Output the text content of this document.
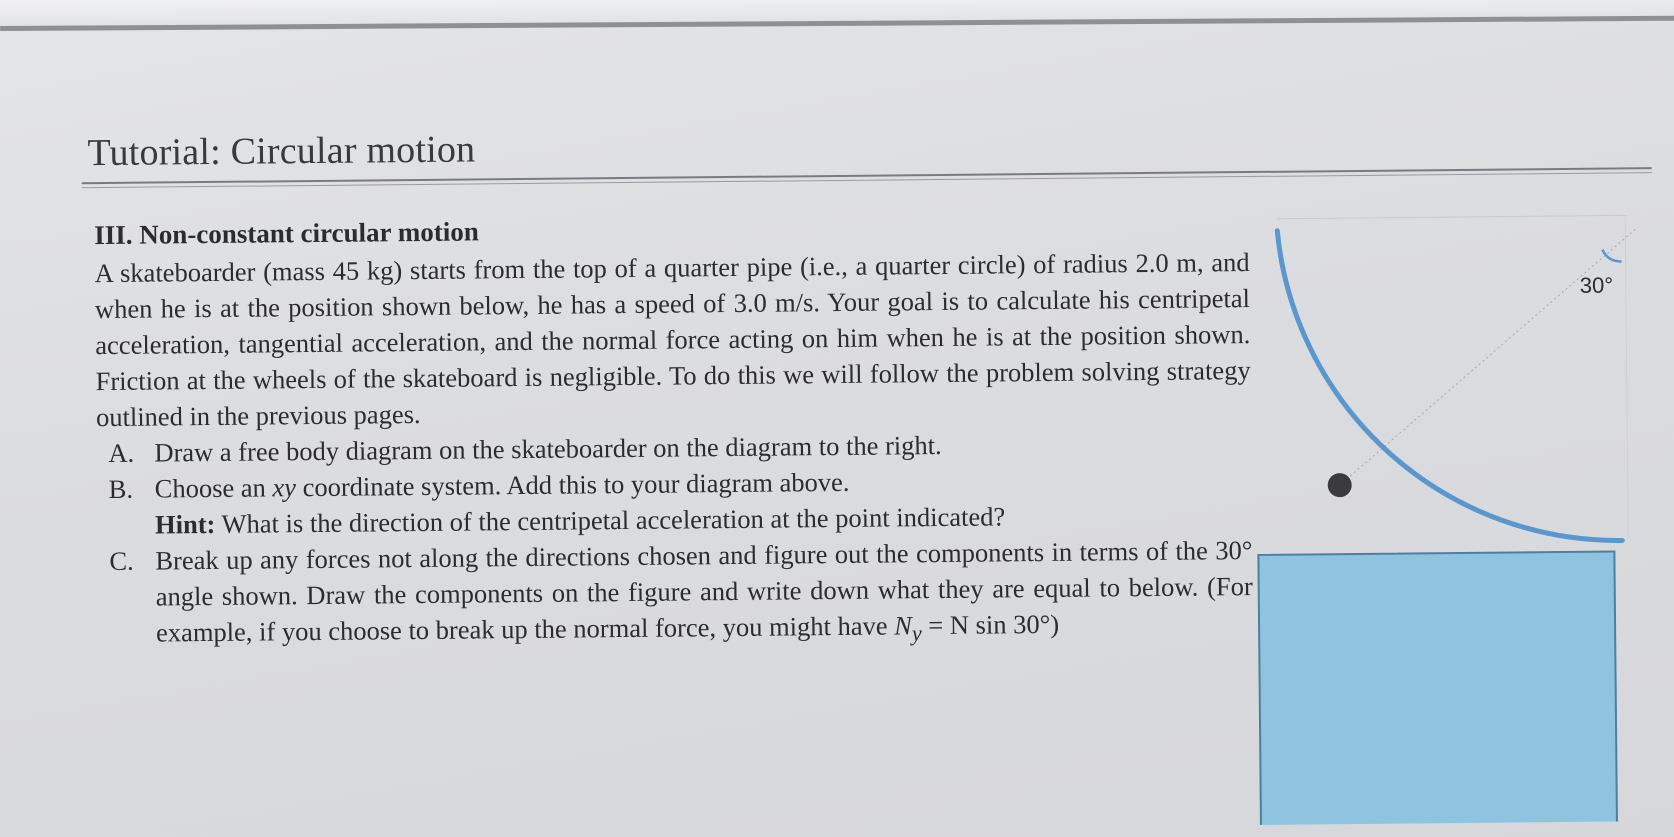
Tutorial: Circular motion

III. Non-constant circular motion

A skateboarder (mass 45 kg) starts from the top of a quarter pipe (i.e., a quarter circle) of radius 2.0 m, and when he is at the position shown below, he has a speed of 3.0 m/s. Your goal is to calculate his centripetal acceleration, tangential acceleration, and the normal force acting on him when he is at the position shown. Friction at the wheels of the skateboard is negligible. To do this we will follow the problem solving strategy outlined in the previous pages.

A. Draw a free body diagram on the skateboarder on the diagram to the right.
B. Choose an xy coordinate system. Add this to your diagram above.
Hint: What is the direction of the centripetal acceleration at the point indicated?
C. Break up any forces not along the directions chosen and figure out the components in terms of the 30° angle shown. Draw the components on the figure and write down what they are equal to below. (For example, if you choose to break up the normal force, you might have $N_y = N$ sin 30°)
30°
